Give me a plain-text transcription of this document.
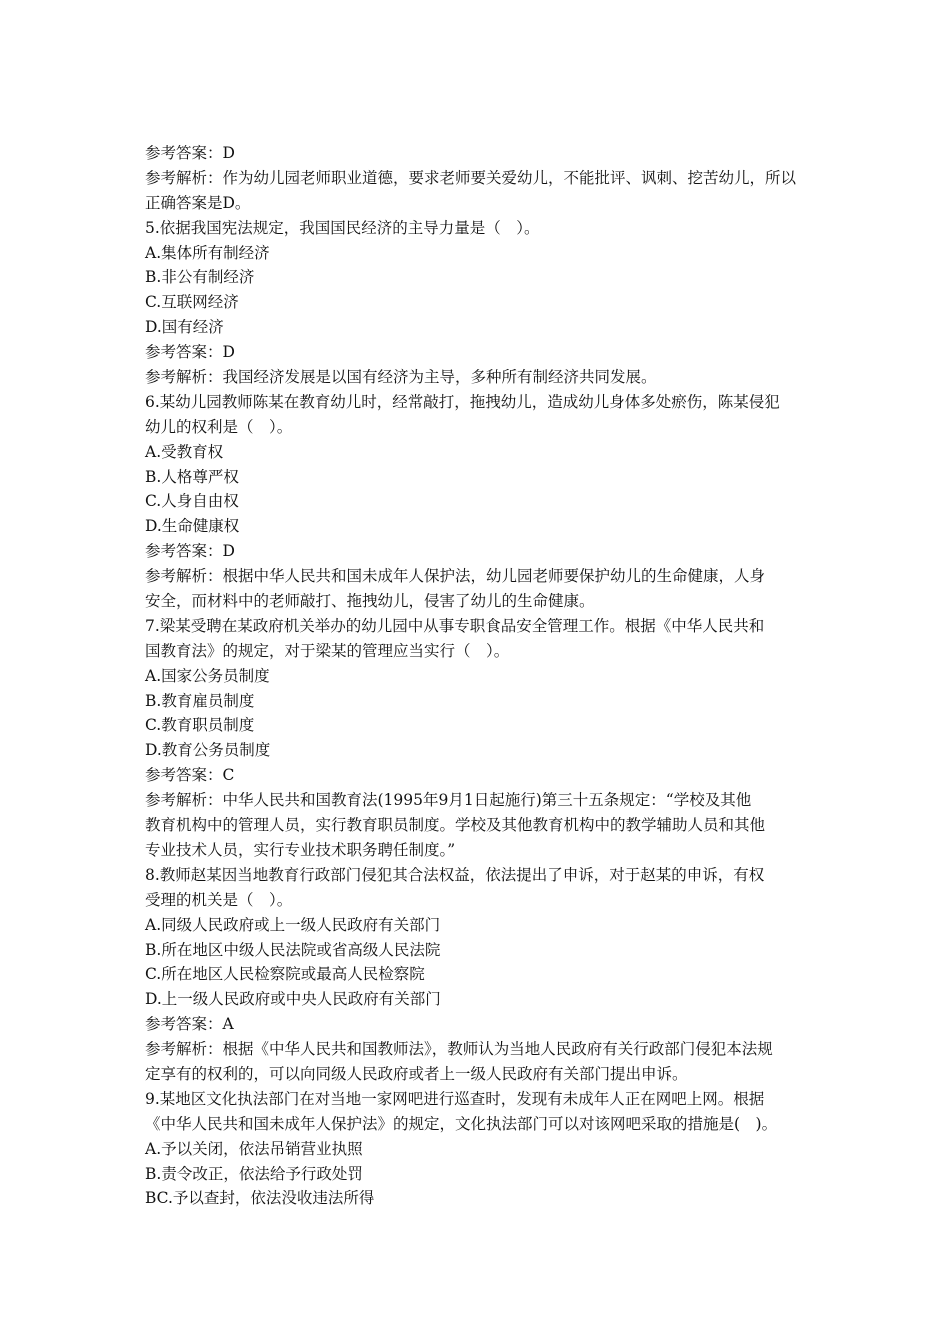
参考答案：D
参考解析：作为幼儿园老师职业道德，要求老师要关爱幼儿，不能批评、讽刺、挖苦幼儿，所以
正确答案是D。
5.依据我国宪法规定，我国国民经济的主导力量是（　）。
A.集体所有制经济
B.非公有制经济
C.互联网经济
D.国有经济
参考答案：D
参考解析：我国经济发展是以国有经济为主导，多种所有制经济共同发展。
6.某幼儿园教师陈某在教育幼儿时，经常敲打，拖拽幼儿，造成幼儿身体多处瘀伤，陈某侵犯
幼儿的权利是（　）。
A.受教育权
B.人格尊严权
C.人身自由权
D.生命健康权
参考答案：D
参考解析：根据中华人民共和国未成年人保护法，幼儿园老师要保护幼儿的生命健康，人身
安全，而材料中的老师敲打、拖拽幼儿，侵害了幼儿的生命健康。
7.梁某受聘在某政府机关举办的幼儿园中从事专职食品安全管理工作。根据《中华人民共和
国教育法》的规定，对于梁某的管理应当实行（　）。
A.国家公务员制度
B.教育雇员制度
C.教育职员制度
D.教育公务员制度
参考答案：C
参考解析：中华人民共和国教育法(1995年9月1日起施行)第三十五条规定：“学校及其他
教育机构中的管理人员，实行教育职员制度。学校及其他教育机构中的教学辅助人员和其他
专业技术人员，实行专业技术职务聘任制度。”
8.教师赵某因当地教育行政部门侵犯其合法权益，依法提出了申诉，对于赵某的申诉，有权
受理的机关是（　）。
A.同级人民政府或上一级人民政府有关部门
B.所在地区中级人民法院或省高级人民法院
C.所在地区人民检察院或最高人民检察院
D.上一级人民政府或中央人民政府有关部门
参考答案：A
参考解析：根据《中华人民共和国教师法》，教师认为当地人民政府有关行政部门侵犯本法规
定享有的权利的，可以向同级人民政府或者上一级人民政府有关部门提出申诉。
9.某地区文化执法部门在对当地一家网吧进行巡查时，发现有未成年人正在网吧上网。根据
《中华人民共和国未成年人保护法》的规定，文化执法部门可以对该网吧采取的措施是(　)。
A.予以关闭，依法吊销营业执照
B.责令改正，依法给予行政处罚
BC.予以查封，依法没收违法所得
